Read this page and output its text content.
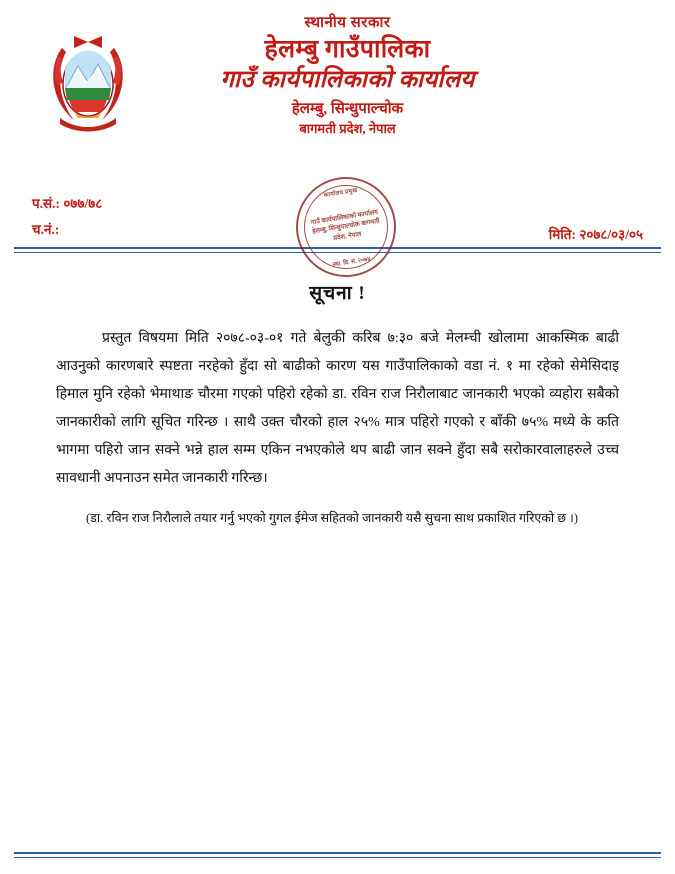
स्थानीय सरकार
हेलम्बु गाउँपालिका
गाउँ कार्यपालिकाको कार्यालय
हेलम्बु, सिन्धुपाल्चोक
बागमती प्रदेश, नेपाल
प.सं.: ०७७/७८
च.नं.:
कार्यालय प्रमुख
गाउँ कार्यपालिकाको कार्यालय हेलम्बु, सिन्धुपाल्चोक बागमती प्रदेश, नेपाल
स्था. वि. सं. २०७४
मिति: २०७८/०३/०५
सूचना !

प्रस्तुत विषयमा मिति २०७८-०३-०१ गते बेलुकी करिब ७:३० बजे मेलम्ची खोलामा आकस्मिक बाढी आउनुको कारणबारे स्पष्टता नरहेको हुँदा सो बाढीको कारण यस गाउँपालिकाको वडा नं. १ मा रहेको सेमेसिदाइ हिमाल मुनि रहेको भेमाथाङ चौरमा गएको पहिरो रहेको डा. रविन राज निरौलाबाट जानकारी भएको व्यहोरा सबैको जानकारीको लागि सूचित गरिन्छ । साथै उक्त चौरको हाल २५% मात्र पहिरो गएको र बाँकी ७५% मध्ये के कति भागमा पहिरो जान सक्ने भन्ने हाल सम्म एकिन नभएकोले थप बाढी जान सक्ने हुँदा सबै सरोकारवालाहरुले उच्च सावधानी अपनाउन समेत जानकारी गरिन्छ।

(डा. रविन राज निरौलाले तयार गर्नु भएको गुगल ईमेज सहितको जानकारी यसै सुचना साथ प्रकाशित गरिएको छ ।)
